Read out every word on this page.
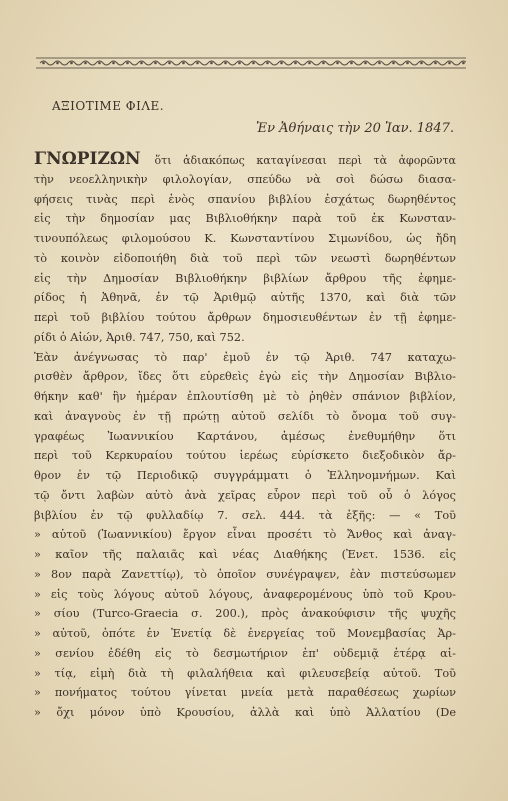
ΑΞΙΟΤΙΜΕ ΦΙΛΕ.

Ἐν Ἀθήναις τὴν 20 Ἰαν. 1847.

ΓΝΩΡΙΖΩΝ ὅτι ἀδιακόπως καταγίνεσαι περὶ τὰ ἀφορῶντα
τὴν νεοελληνικὴν φιλολογίαν, σπεύδω νὰ σοὶ δώσω διασα-
φήσεις τινὰς περὶ ἑνὸς σπανίου βιβλίου ἐσχάτως δωρηθέντος
εἰς τὴν δημοσίαν μας Βιβλιοθήκην παρὰ τοῦ ἐκ Κωνσταν-
τινουπόλεως φιλομούσου Κ. Κωνσταντίνου Σιμωνίδου, ὡς ἤδη
τὸ κοινὸν εἰδοποιήθη διὰ τοῦ περὶ τῶν νεωστὶ δωρηθέντων
εἰς τὴν Δημοσίαν Βιβλιοθήκην βιβλίων ἄρθρου τῆς ἐφημε-
ρίδος ἡ Ἀθηνᾶ, ἐν τῷ Ἀριθμῷ αὐτῆς 1370, καὶ διὰ τῶν
περὶ τοῦ βιβλίου τούτου ἄρθρων δημοσιευθέντων ἐν τῇ ἐφημε-
ρίδι ὁ Αἰών, Ἀριθ. 747, 750, καὶ 752.
Ἐὰν ἀνέγνωσας τὸ παρ' ἐμοῦ ἐν τῷ Ἀριθ. 747 καταχω-
ρισθὲν ἄρθρον, ἴδες ὅτι εὑρεθεὶς ἐγὼ εἰς τὴν Δημοσίαν Βιβλιο-
θήκην καθ' ἣν ἡμέραν ἐπλουτίσθη μὲ τὸ ῥηθὲν σπάνιον βιβλίον,
καὶ ἀναγνοὺς ἐν τῇ πρώτῃ αὐτοῦ σελίδι τὸ ὄνομα τοῦ συγ-
γραφέως Ἰωαννικίου Καρτάνου, ἀμέσως ἐνεθυμήθην ὅτι
περὶ τοῦ Κερκυραίου τούτου ἱερέως εὑρίσκετο διεξοδικὸν ἄρ-
θρον ἐν τῷ Περιοδικῷ συγγράμματι ὁ Ἑλληνομνήμων. Καὶ
τῷ ὄντι λαβὼν αὐτὸ ἀνὰ χεῖρας εὗρον περὶ τοῦ οὗ ὁ λόγος
βιβλίου ἐν τῷ φυλλαδίῳ 7. σελ. 444. τὰ ἑξῆς: — « Τοῦ
» αὐτοῦ (Ἰωαννικίου) ἔργον εἶναι προσέτι τὸ Ἄνθος καὶ ἀναγ-
» καῖον τῆς παλαιᾶς καὶ νέας Διαθήκης (Ἐνετ. 1536. εἰς
» 8ον παρὰ Ζανεττίῳ), τὸ ὁποῖον συνέγραψεν, ἐὰν πιστεύσωμεν
» εἰς τοὺς λόγους αὐτοῦ λόγους, ἀναφερομένους ὑπὸ τοῦ Κρου-
» σίου (Turco-Graecia σ. 200.), πρὸς ἀνακούφισιν τῆς ψυχῆς
» αὐτοῦ, ὁπότε ἐν Ἐνετίᾳ δὲ ἐνεργείας τοῦ Μονεμβασίας Ἀρ-
» σενίου ἐδέθη εἰς τὸ δεσμωτήριον ἐπ' οὐδεμιᾷ ἑτέρᾳ αἰ-
» τίᾳ, εἰμὴ διὰ τὴ φιλαλήθεια καὶ φιλευσεβείᾳ αὐτοῦ. Τοῦ
» πονήματος τούτου γίνεται μνεία μετὰ παραθέσεως χωρίων
» ὄχι μόνον ὑπὸ Κρουσίου, ἀλλὰ καὶ ὑπὸ Ἀλλατίου (De
